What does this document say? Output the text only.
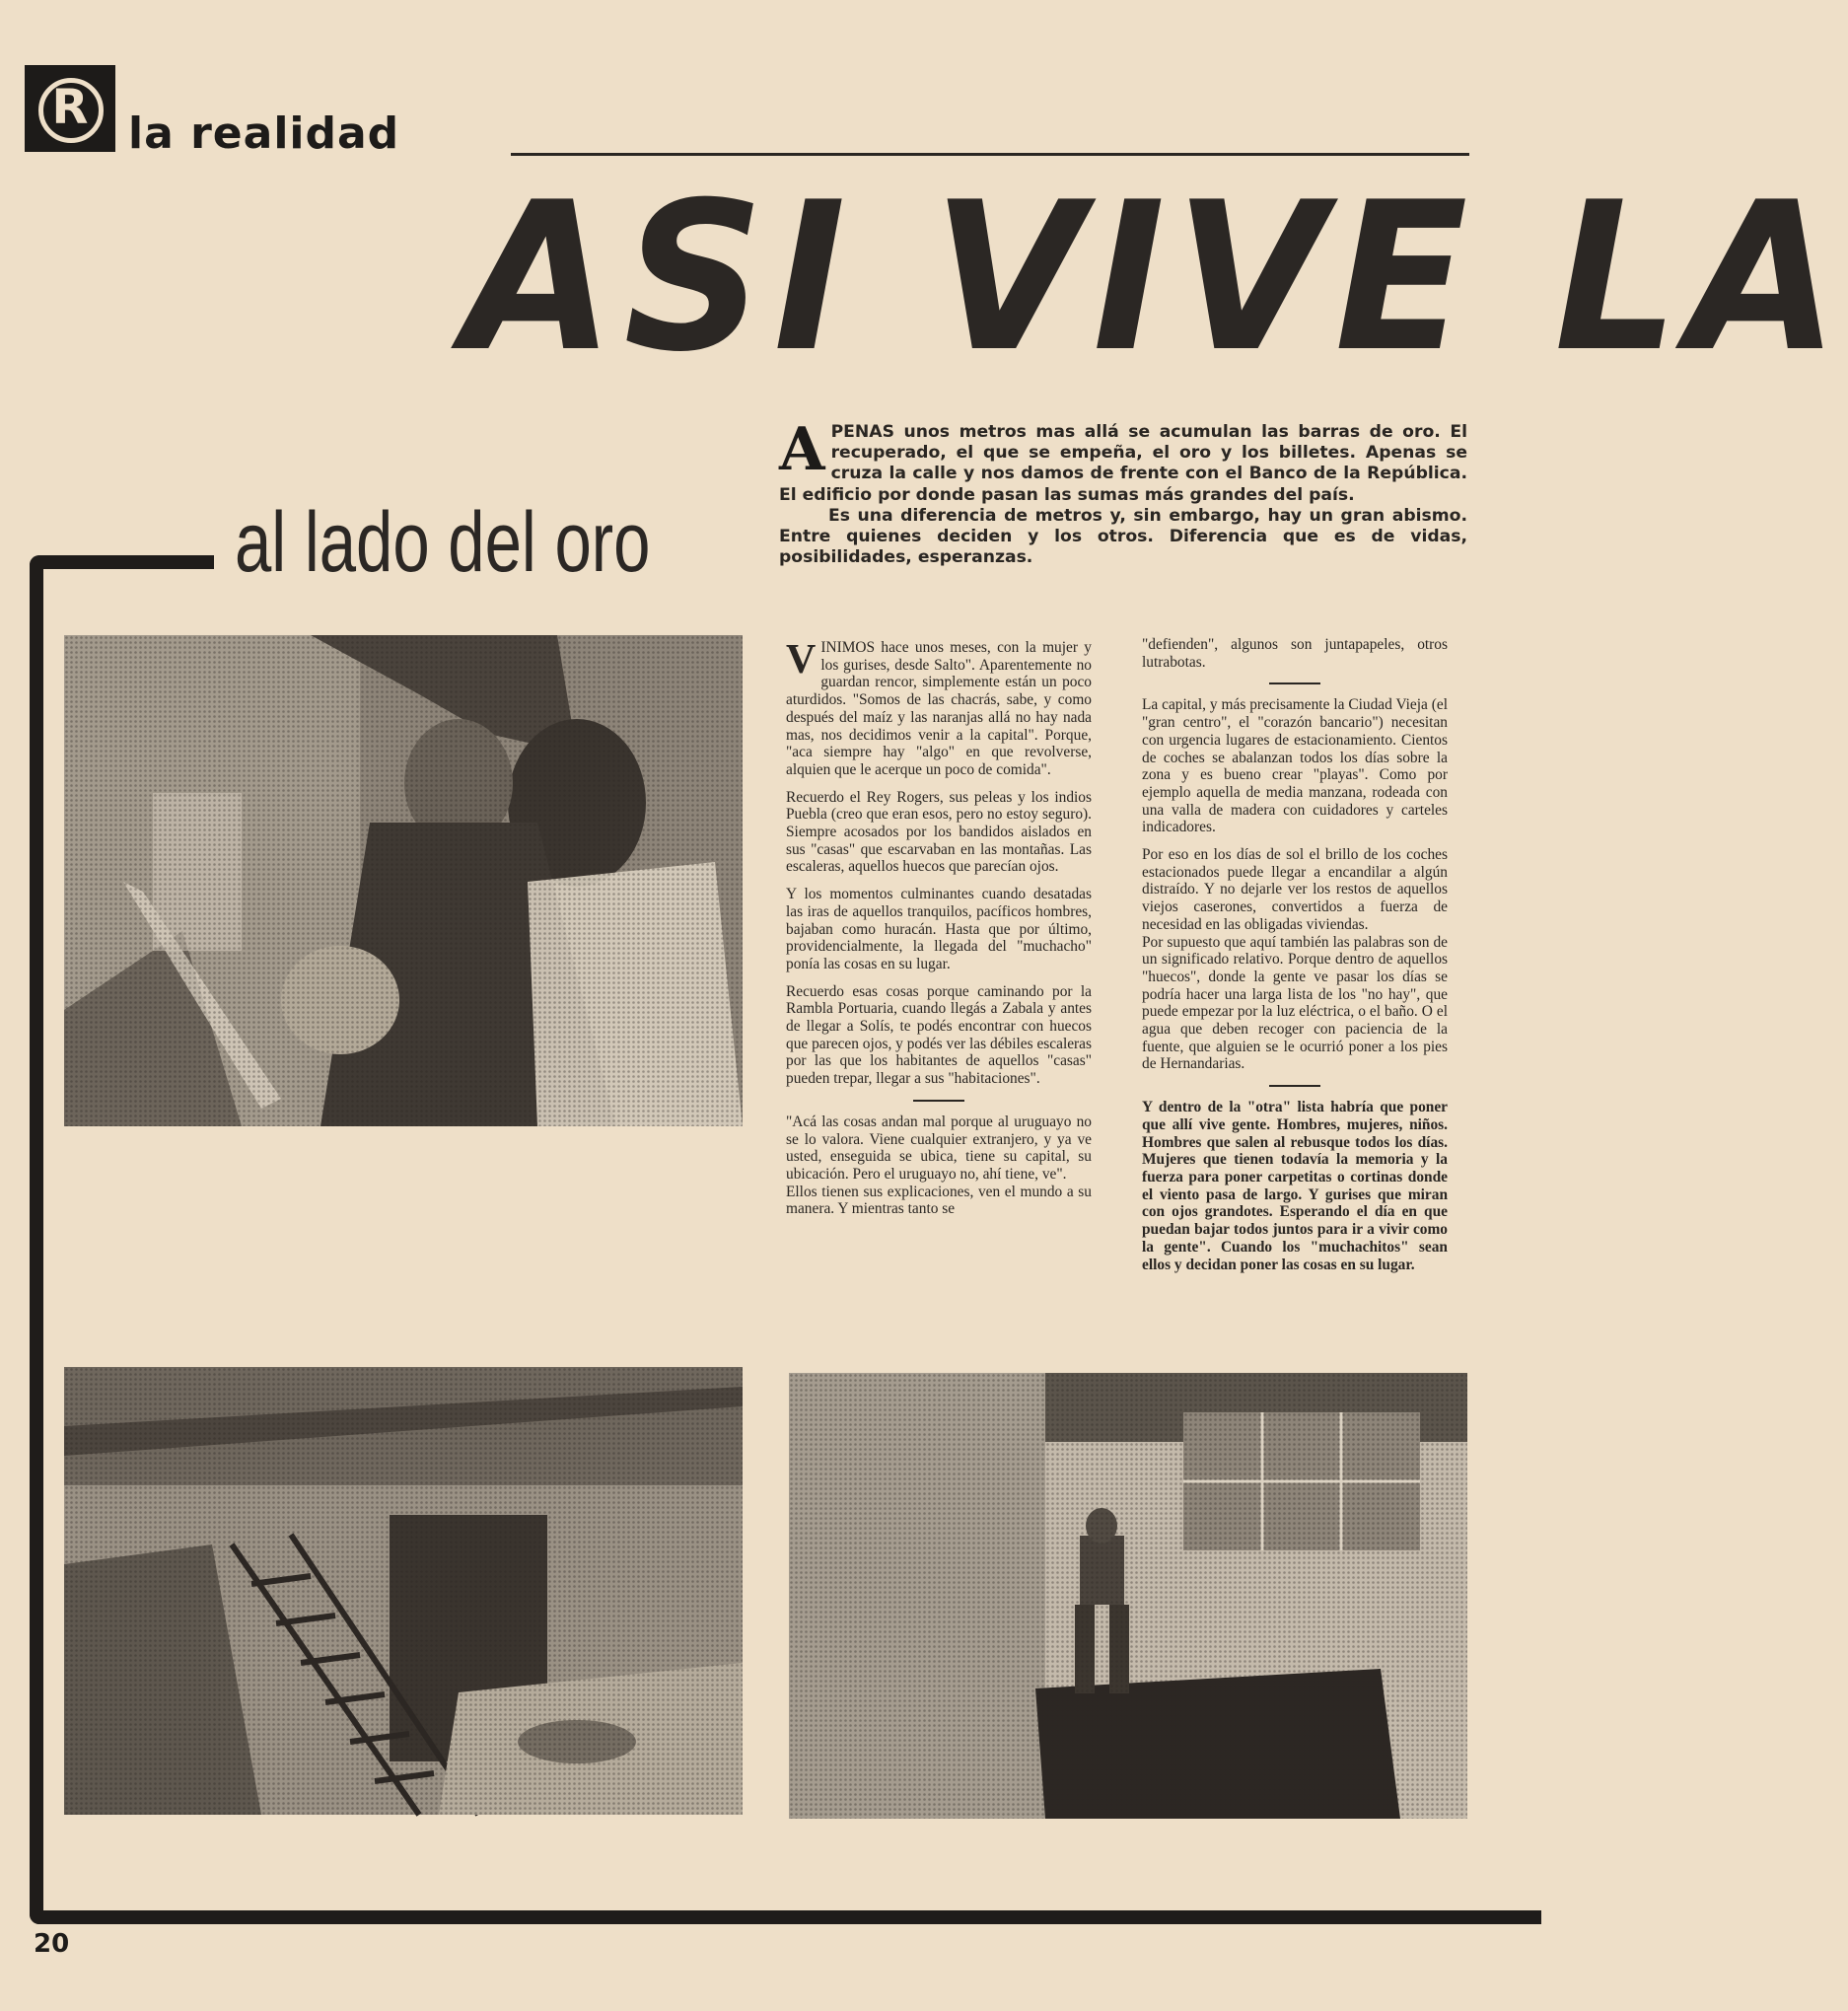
R la realidad
ASI VIVE LA
al lado del oro

APENAS unos metros mas allá se acumulan las barras de oro. El recuperado, el que se empeña, el oro y los billetes. Apenas se cruza la calle y nos damos de frente con el Banco de la República. El edificio por donde pasan las sumas más grandes del país.

Es una diferencia de metros y, sin embargo, hay un gran abismo. Entre quienes deciden y los otros. Diferencia que es de vidas, posibilidades, esperanzas.

VINIMOS hace unos meses, con la mujer y los gurises, desde Salto". Aparentemente no guardan rencor, simplemente están un poco aturdidos. "Somos de las chacrás, sabe, y como después del maíz y las naranjas allá no hay nada mas, nos decidimos venir a la capital". Porque, "aca siempre hay "algo" en que revolverse, alquien que le acerque un poco de comida".

Recuerdo el Rey Rogers, sus peleas y los indios Puebla (creo que eran esos, pero no estoy seguro). Siempre acosados por los bandidos aislados en sus "casas" que escarvaban en las montañas. Las escaleras, aquellos huecos que parecían ojos.

Y los momentos culminantes cuando desatadas las iras de aquellos tranquilos, pacíficos hombres, bajaban como huracán. Hasta que por último, providencialmente, la llegada del "muchacho" ponía las cosas en su lugar.

Recuerdo esas cosas porque caminando por la Rambla Portuaria, cuando llegás a Zabala y antes de llegar a Solís, te podés encontrar con huecos que parecen ojos, y podés ver las débiles escaleras por las que los habitantes de aquellos "casas" pueden trepar, llegar a sus "habitaciones".

"Acá las cosas andan mal porque al uruguayo no se lo valora. Viene cualquier extranjero, y ya ve usted, enseguida se ubica, tiene su capital, su ubicación. Pero el uruguayo no, ahí tiene, ve".

Ellos tienen sus explicaciones, ven el mundo a su manera. Y mientras tanto se

"defienden", algunos son juntapapeles, otros lutrabotas.

La capital, y más precisamente la Ciudad Vieja (el "gran centro", el "corazón bancario") necesitan con urgencia lugares de estacionamiento. Cientos de coches se abalanzan todos los días sobre la zona y es bueno crear "playas". Como por ejemplo aquella de media manzana, rodeada con una valla de madera con cuidadores y carteles indicadores.

Por eso en los días de sol el brillo de los coches estacionados puede llegar a encandilar a algún distraído. Y no dejarle ver los restos de aquellos viejos caserones, convertidos a fuerza de necesidad en las obligadas viviendas.

Por supuesto que aquí también las palabras son de un significado relativo. Porque dentro de aquellos "huecos", donde la gente ve pasar los días se podría hacer una larga lista de los "no hay", que puede empezar por la luz eléctrica, o el baño. O el agua que deben recoger con paciencia de la fuente, que alguien se le ocurrió poner a los pies de Hernandarias.

Y dentro de la "otra" lista habría que poner que allí vive gente. Hombres, mujeres, niños. Hombres que salen al rebusque todos los días. Mujeres que tienen todavía la memoria y la fuerza para poner carpetitas o cortinas donde el viento pasa de largo. Y gurises que miran con ojos grandotes. Esperando el día en que puedan bajar todos juntos para ir a vivir como la gente". Cuando los "muchachitos" sean ellos y decidan poner las cosas en su lugar.

20
